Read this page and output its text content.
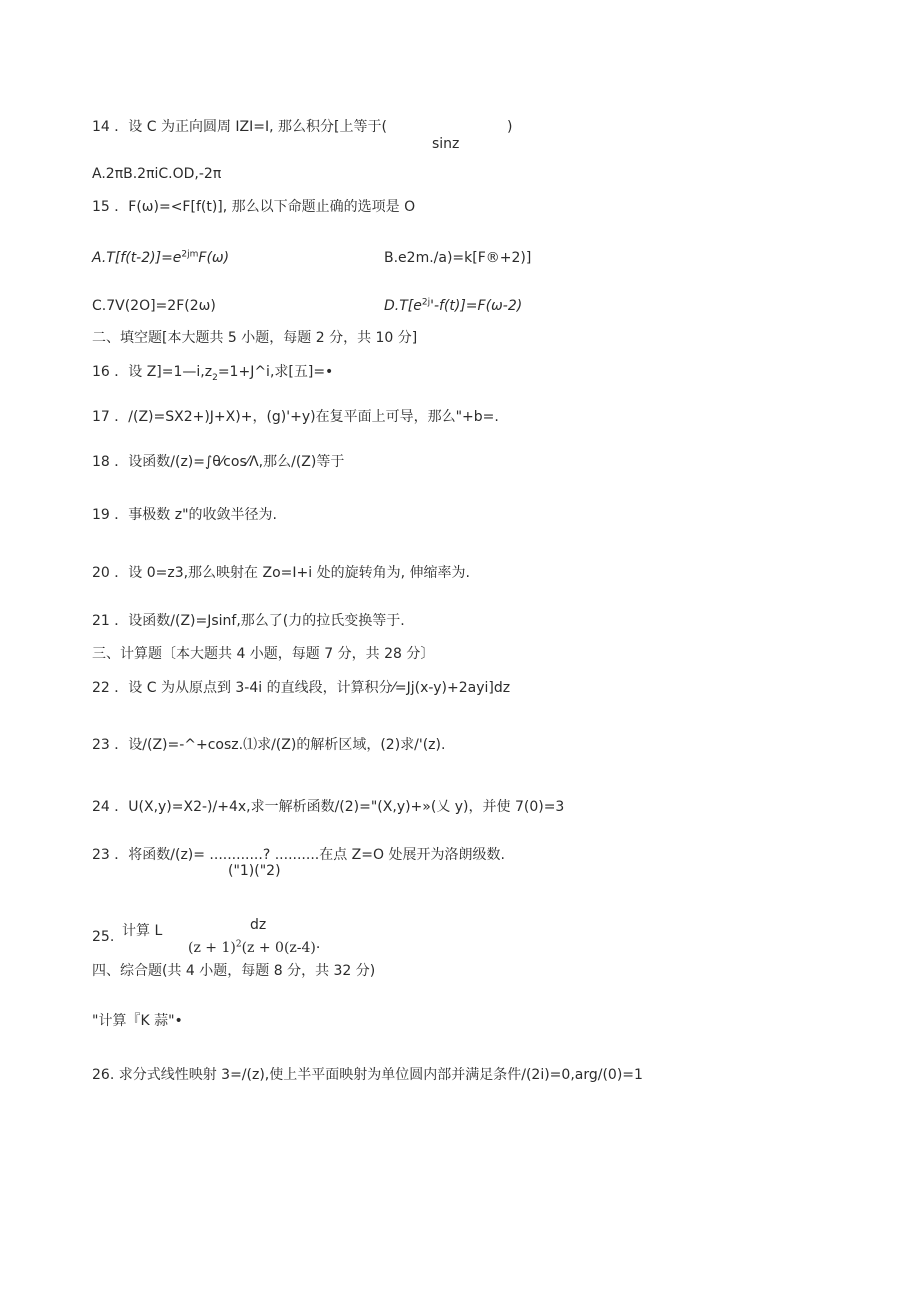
14 ．设 C 为正向圆周 IZI=I, 那么积分[上等于(	)
sinz
A.2πB.2πiC.OD,-2π
15 ．F(ω)=<F[f(t)], 那么以下命题止确的选项是 O
$A.T[f(t-2)]=e^{2jm}F(\omega)$	B.e2m./a)=k[F®+2)]
C.7V(2O]=2F(2ω)	$D.T[e^{2j}'-f(t)]=F(\omega-2)$
二、填空题[本大题共 5 小题，每题 2 分，共 10 分]
16 ．设 $Z]=1—i,z_2=1+J\^{}i$,求[五]=•
17 ．/(Z)=SX2+)J+X)+，(g)'+y)在复平面上可导，那么"+b=.
18 ．设函数/(z)=∫θ⁄cos⁄Λ,那么/(Z)等于
19 ．事极数 z"的收敛半径为.
20 ．设 0=z3,那么映射在 Zo=I+i 处的旋转角为, 伸缩率为.
21 ．设函数/(Z)=Jsinf,那么了(力的拉氏变换等于.
三、计算题〔本大题共 4 小题，每题 7 分，共 28 分〕
22 ．设 C 为从原点到 3-4i 的直线段，计算积分⁄=Jj(x-y)+2ayi]dz
23 ．设/(Z)=-^+cosz.⑴求/(Z)的解析区域，(2)求/'(z).
24 ．U(X,y)=X2-)/+4x,求一解析函数/(2)="(X,y)+»(乂 y)，并使 7(0)=3
23 ．将函数/(z)= ............? ..........在点 Z=O 处展开为洛朗级数.
("1)("2)
25. 计算 L	dz
$(z + 1)^2(z + 0(z-4)\cdot$
四、综合题(共 4 小题，每题 8 分，共 32 分)
"计算『K 蒜"•
26. 求分式线性映射 3=/(z),使上半平面映射为单位圆内部并满足条件/(2i)=0,arg/(0)=1
